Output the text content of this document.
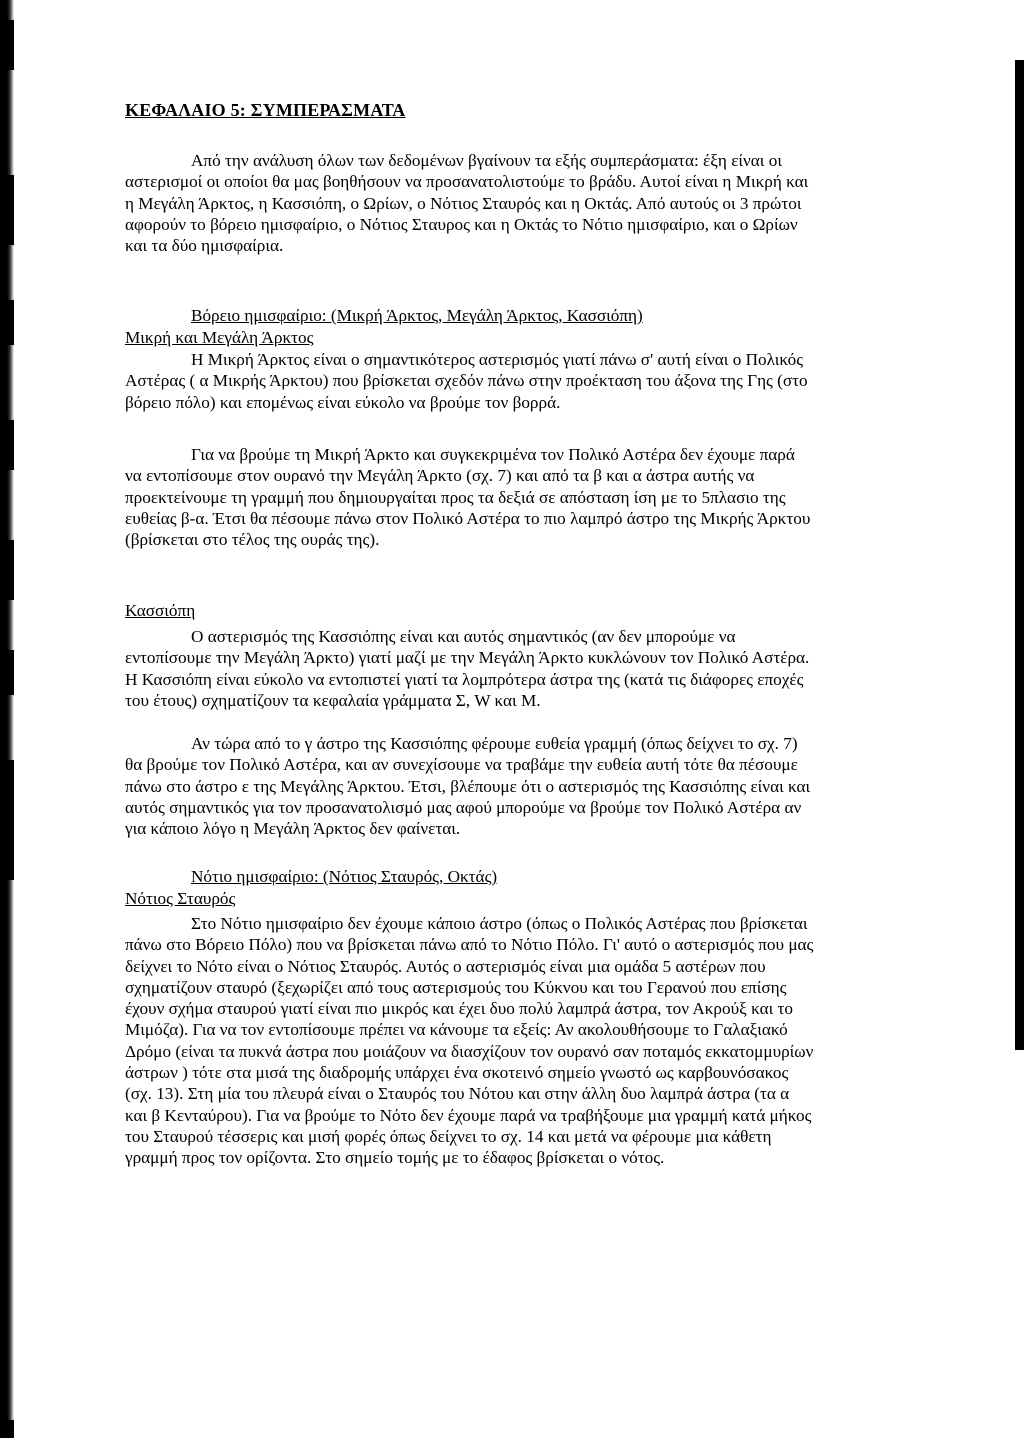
ΚΕΦΑΛΑΙΟ 5: ΣΥΜΠΕΡΑΣΜΑΤΑ

Από την ανάλυση όλων των δεδομένων βγαίνουν τα εξής συμπεράσματα: έξη είναι οι αστερισμοί οι οποίοι θα μας βοηθήσουν να προσανατολιστούμε το βράδυ. Αυτοί είναι η Μικρή και η Μεγάλη Άρκτος, η Κασσιόπη, ο Ωρίων, ο Νότιος Σταυρός και η Οκτάς. Από αυτούς οι 3 πρώτοι αφορούν το βόρειο ημισφαίριο, ο Νότιος Σταυρος και η Οκτάς το Νότιο ημισφαίριο, και ο Ωρίων και τα δύο ημισφαίρια.

Βόρειο ημισφαίριο: (Μικρή Άρκτος, Μεγάλη Άρκτος, Κασσιόπη)
Μικρή και Μεγάλη Άρκτος

Η Μικρή Άρκτος είναι ο σημαντικότερος αστερισμός γιατί πάνω σ' αυτή είναι ο Πολικός Αστέρας ( α Μικρής Άρκτου) που βρίσκεται σχεδόν πάνω στην προέκταση του άξονα της Γης (στο βόρειο πόλο) και επομένως είναι εύκολο να βρούμε τον βορρά.

Για να βρούμε τη Μικρή Άρκτο και συγκεκριμένα τον Πολικό Αστέρα δεν έχουμε παρά να εντοπίσουμε στον ουρανό την Μεγάλη Άρκτο (σχ. 7) και από τα β και α άστρα αυτής να προεκτείνουμε τη γραμμή που δημιουργαίται προς τα δεξιά σε απόσταση ίση με το 5πλασιο της ευθείας β-α. Έτσι θα πέσουμε πάνω στον Πολικό Αστέρα το πιο λαμπρό άστρο της Μικρής Άρκτου (βρίσκεται στο τέλος της ουράς της).

Κασσιόπη

Ο αστερισμός της Κασσιόπης είναι και αυτός σημαντικός (αν δεν μπορούμε να εντοπίσουμε την Μεγάλη Άρκτο) γιατί μαζί με την Μεγάλη Άρκτο κυκλώνουν τον Πολικό Αστέρα. Η Κασσιόπη είναι εύκολο να εντοπιστεί γιατί τα λομπρότερα άστρα της (κατά τις διάφορες εποχές του έτους) σχηματίζουν τα κεφαλαία γράμματα Σ, W και Μ.

Αν τώρα από το γ άστρο της Κασσιόπης φέρουμε ευθεία γραμμή (όπως δείχνει το σχ. 7) θα βρούμε τον Πολικό Αστέρα, και αν συνεχίσουμε να τραβάμε την ευθεία αυτή τότε θα πέσουμε πάνω στο άστρο ε της Μεγάλης Άρκτου. Έτσι, βλέπουμε ότι ο αστερισμός της Κασσιόπης είναι και αυτός σημαντικός για τον προσανατολισμό μας αφού μπορούμε να βρούμε τον Πολικό Αστέρα αν για κάποιο λόγο η Μεγάλη Άρκτος δεν φαίνεται.

Νότιο ημισφαίριο: (Νότιος Σταυρός, Οκτάς)
Νότιος Σταυρός

Στο Νότιο ημισφαίριο δεν έχουμε κάποιο άστρο (όπως ο Πολικός Αστέρας που βρίσκεται πάνω στο Βόρειο Πόλο) που να βρίσκεται πάνω από το Νότιο Πόλο. Γι' αυτό ο αστερισμός που μας δείχνει το Νότο είναι ο Νότιος Σταυρός. Αυτός ο αστερισμός είναι μια ομάδα 5 αστέρων που σχηματίζουν σταυρό (ξεχωρίζει από τους αστερισμούς του Κύκνου και του Γερανού που επίσης έχουν σχήμα σταυρού γιατί είναι πιο μικρός και έχει δυο πολύ λαμπρά άστρα, τον Ακρούξ και το Μιμόζα). Για να τον εντοπίσουμε πρέπει να κάνουμε τα εξείς: Αν ακολουθήσουμε το Γαλαξιακό Δρόμο (είναι τα πυκνά άστρα που μοιάζουν να διασχίζουν τον ουρανό σαν ποταμός εκκατομμυρίων άστρων ) τότε στα μισά της διαδρομής υπάρχει ένα σκοτεινό σημείο γνωστό ως καρβουνόσακος (σχ. 13). Στη μία του πλευρά είναι ο Σταυρός του Νότου και στην άλλη δυο λαμπρά άστρα (τα α και β Κενταύρου). Για να βρούμε το Νότο δεν έχουμε παρά να τραβήξουμε μια γραμμή κατά μήκος του Σταυρού τέσσερις και μισή φορές όπως δείχνει το σχ. 14 και μετά να φέρουμε μια κάθετη γραμμή προς τον ορίζοντα. Στο σημείο τομής με το έδαφος βρίσκεται ο νότος.
